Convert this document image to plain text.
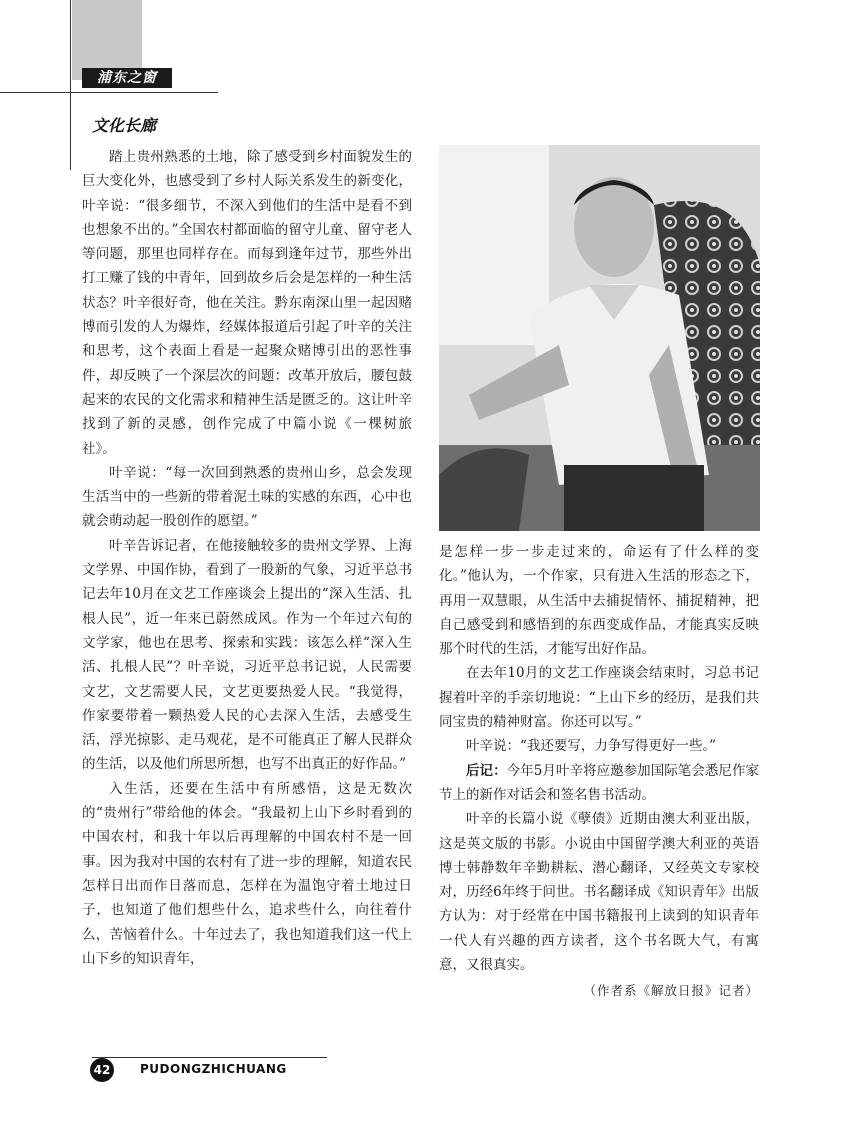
浦东之窗
文化长廊

踏上贵州熟悉的土地，除了感受到乡村面貌发生的巨大变化外，也感受到了乡村人际关系发生的新变化，叶辛说：“很多细节，不深入到他们的生活中是看不到也想象不出的。”全国农村都面临的留守儿童、留守老人等问题，那里也同样存在。而每到逢年过节，那些外出打工赚了钱的中青年，回到故乡后会是怎样的一种生活状态？叶辛很好奇，他在关注。黔东南深山里一起因赌博而引发的人为爆炸，经媒体报道后引起了叶辛的关注和思考，这个表面上看是一起聚众赌博引出的恶性事件，却反映了一个深层次的问题：改革开放后，腰包鼓起来的农民的文化需求和精神生活是匮乏的。这让叶辛找到了新的灵感，创作完成了中篇小说《一棵树旅社》。

叶辛说：“每一次回到熟悉的贵州山乡，总会发现生活当中的一些新的带着泥土味的实感的东西，心中也就会萌动起一股创作的愿望。”

叶辛告诉记者，在他接触较多的贵州文学界、上海文学界、中国作协，看到了一股新的气象，习近平总书记去年10月在文艺工作座谈会上提出的“深入生活、扎根人民”，近一年来已蔚然成风。作为一个年过六旬的文学家，他也在思考、探索和实践：该怎么样“深入生活、扎根人民”？叶辛说，习近平总书记说，人民需要文艺，文艺需要人民，文艺更要热爱人民。“我觉得，作家要带着一颗热爱人民的心去深入生活，去感受生活，浮光掠影、走马观花，是不可能真正了解人民群众的生活，以及他们所思所想，也写不出真正的好作品。”

入生活，还要在生活中有所感悟，这是无数次的“贵州行”带给他的体会。“我最初上山下乡时看到的中国农村，和我十年以后再理解的中国农村不是一回事。因为我对中国的农村有了进一步的理解，知道农民怎样日出而作日落而息，怎样在为温饱守着土地过日子，也知道了他们想些什么，追求些什么，向往着什么，苦恼着什么。十年过去了，我也知道我们这一代上山下乡的知识青年，

是怎样一步一步走过来的，命运有了什么样的变化。”他认为，一个作家，只有进入生活的形态之下，再用一双慧眼，从生活中去捕捉情怀、捕捉精神，把自己感受到和感悟到的东西变成作品，才能真实反映那个时代的生活，才能写出好作品。

在去年10月的文艺工作座谈会结束时，习总书记握着叶辛的手亲切地说：“上山下乡的经历，是我们共同宝贵的精神财富。你还可以写。”

叶辛说：“我还要写，力争写得更好一些。”

后记：今年5月叶辛将应邀参加国际笔会悉尼作家节上的新作对话会和签名售书活动。

叶辛的长篇小说《孽债》近期由澳大利亚出版，这是英文版的书影。小说由中国留学澳大利亚的英语博士韩静数年辛勤耕耘、潜心翻译，又经英文专家校对，历经6年终于问世。书名翻译成《知识青年》出版方认为：对于经常在中国书籍报刊上读到的知识青年一代人有兴趣的西方读者，这个书名既大气，有寓意，又很真实。

（作者系《解放日报》记者）

42	PUDONGZHICHUANG
